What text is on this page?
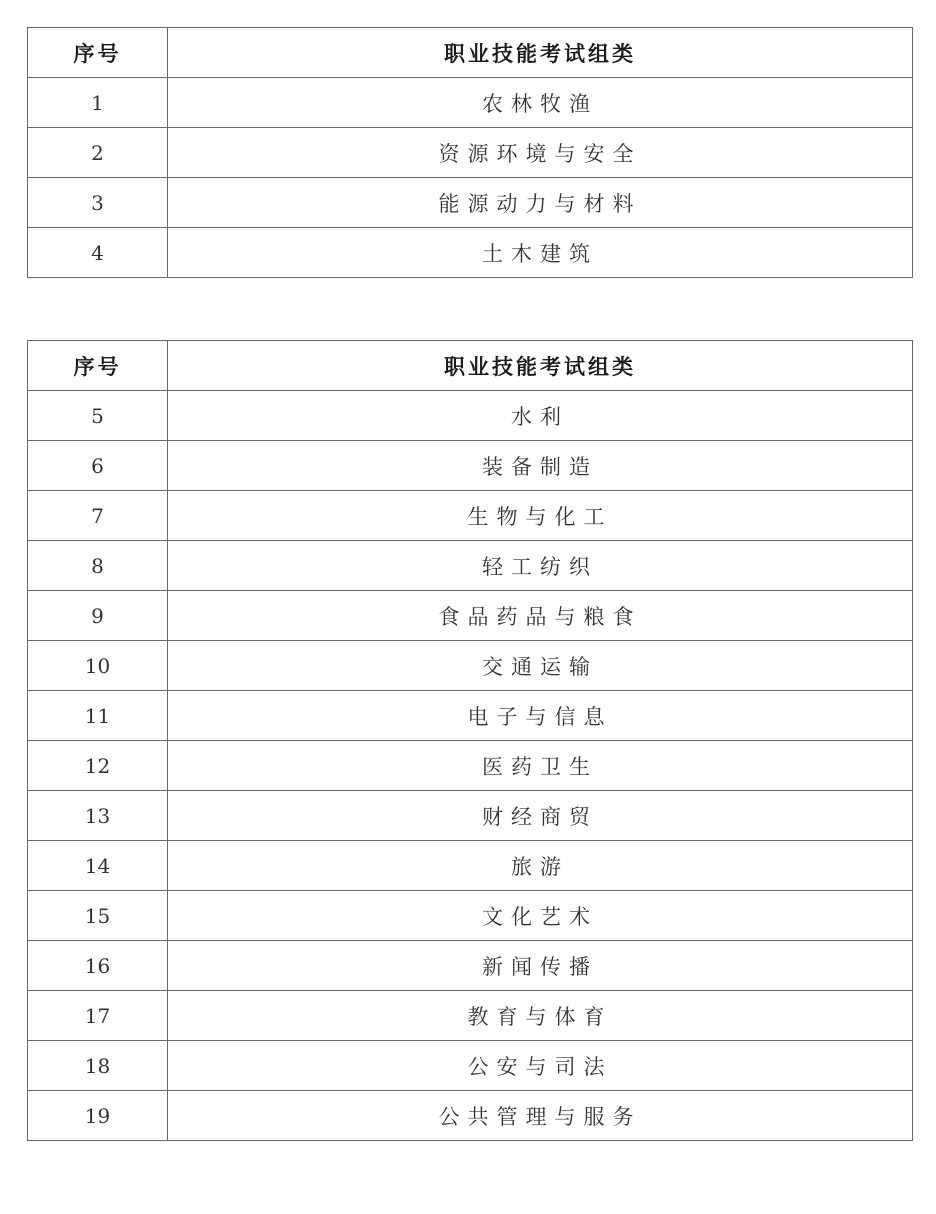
序号	职业技能考试组类
1	农林牧渔
2	资源环境与安全
3	能源动力与材料
4	土木建筑
序号	职业技能考试组类
5	水利
6	装备制造
7	生物与化工
8	轻工纺织
9	食品药品与粮食
10	交通运输
11	电子与信息
12	医药卫生
13	财经商贸
14	旅游
15	文化艺术
16	新闻传播
17	教育与体育
18	公安与司法
19	公共管理与服务
